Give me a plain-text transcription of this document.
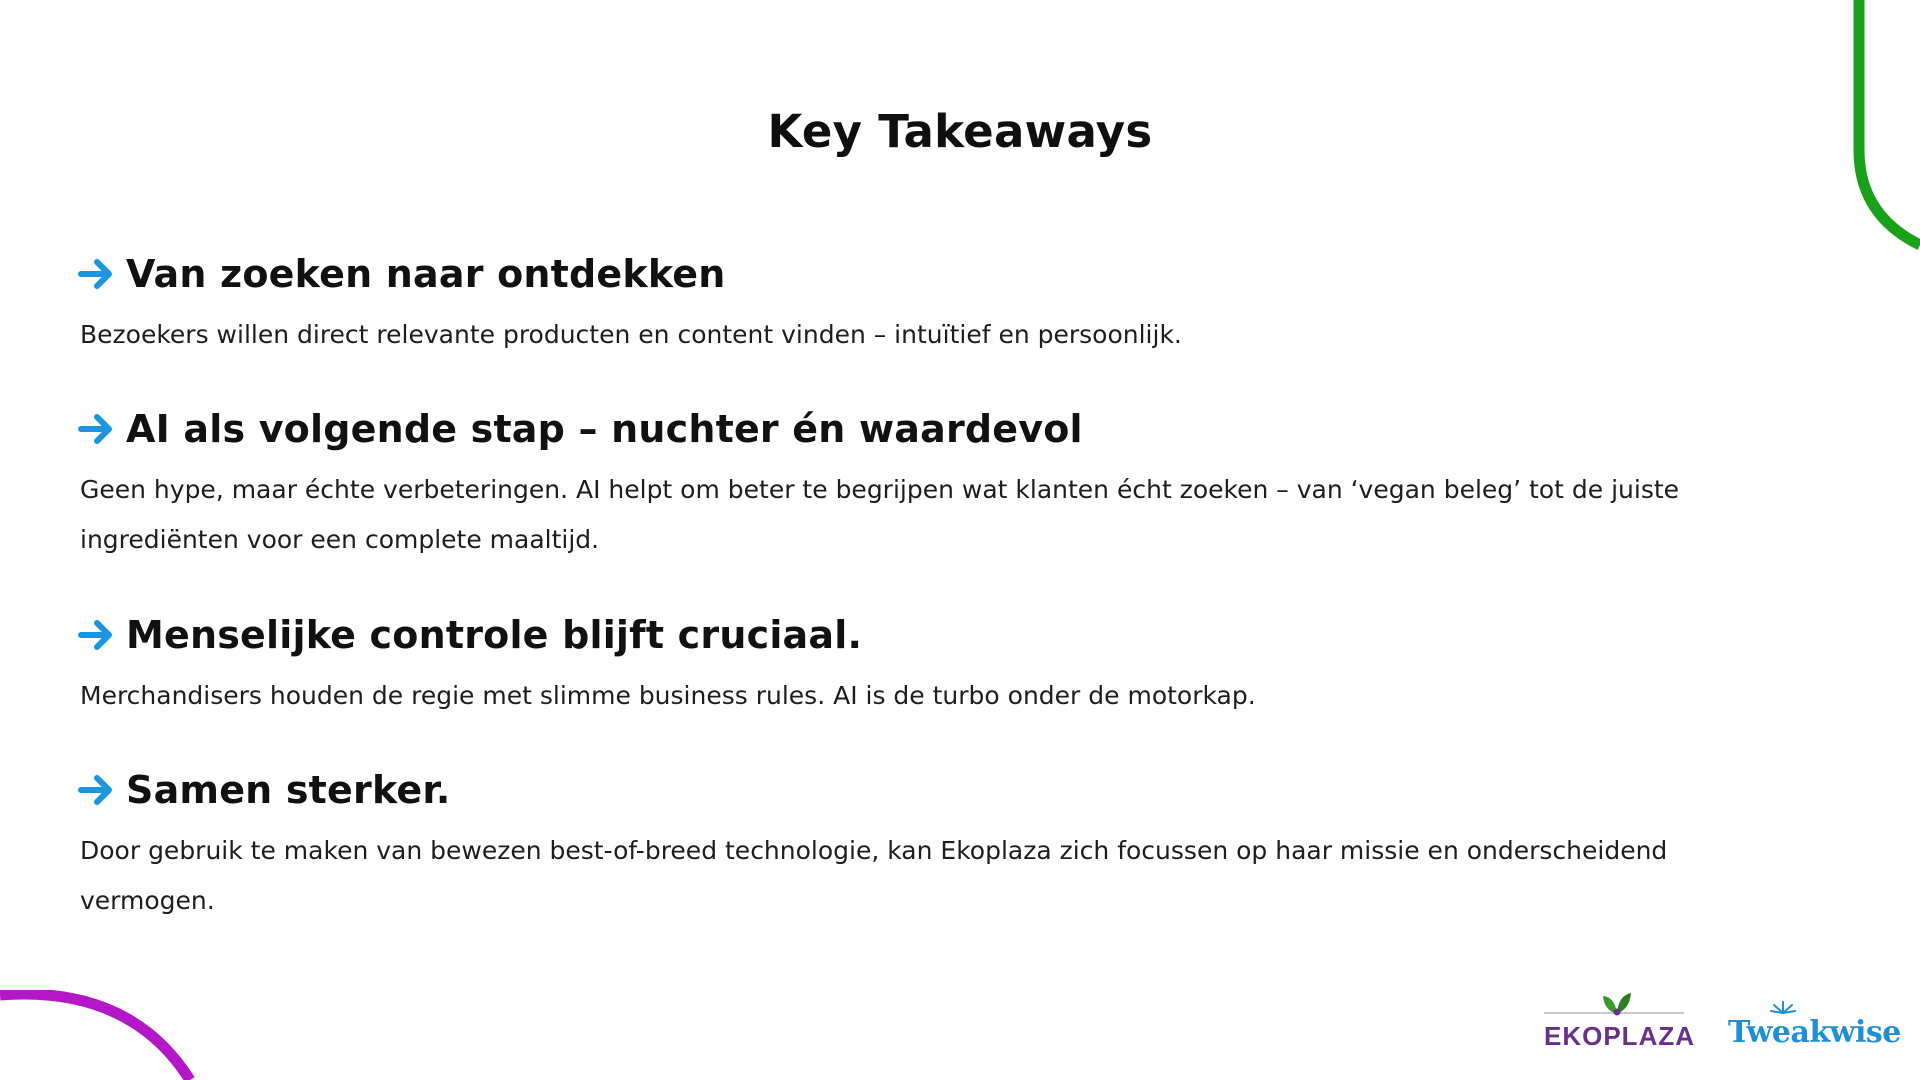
Key Takeaways
Van zoeken naar ontdekken

Bezoekers willen direct relevante producten en content vinden – intuïtief en persoonlijk.

AI als volgende stap – nuchter én waardevol

Geen hype, maar échte verbeteringen. AI helpt om beter te begrijpen wat klanten écht zoeken – van ‘vegan beleg’ tot de juiste ingrediënten voor een complete maaltijd.

Menselijke controle blijft cruciaal.

Merchandisers houden de regie met slimme business rules. AI is de turbo onder de motorkap.

Samen sterker.

Door gebruik te maken van bewezen best-of-breed technologie, kan Ekoplaza zich focussen op haar missie en onderscheidend vermogen.

EKOPLAZA Tweakwise
